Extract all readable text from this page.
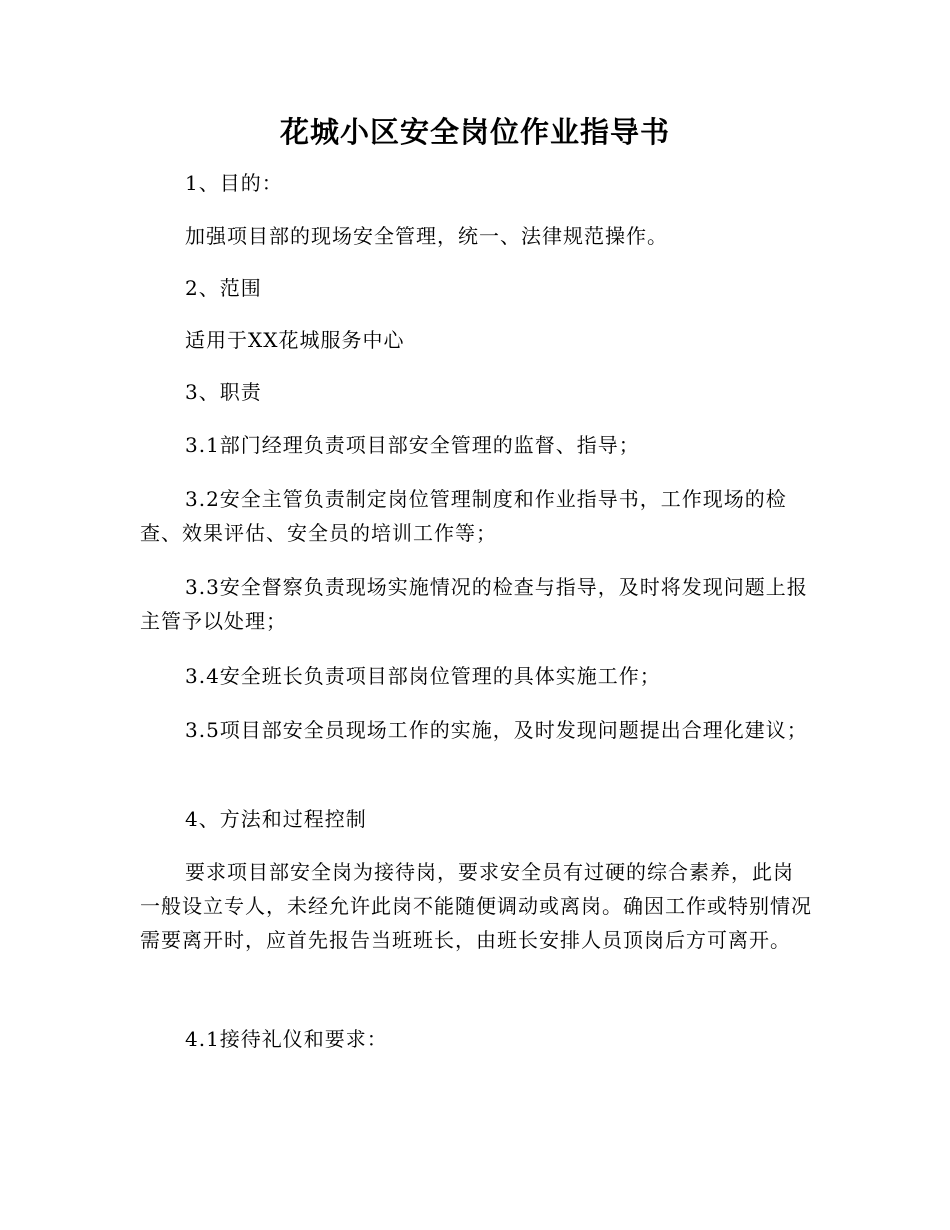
花城小区安全岗位作业指导书

1、目的：

加强项目部的现场安全管理，统一、法律规范操作。

2、范围

适用于XX花城服务中心

3、职责

3.1部门经理负责项目部安全管理的监督、指导；

3.2安全主管负责制定岗位管理制度和作业指导书，工作现场的检查、效果评估、安全员的培训工作等；

3.3安全督察负责现场实施情况的检查与指导，及时将发现问题上报主管予以处理；

3.4安全班长负责项目部岗位管理的具体实施工作；

3.5项目部安全员现场工作的实施，及时发现问题提出合理化建议；

4、方法和过程控制

要求项目部安全岗为接待岗，要求安全员有过硬的综合素养，此岗一般设立专人，未经允许此岗不能随便调动或离岗。确因工作或特别情况需要离开时，应首先报告当班班长，由班长安排人员顶岗后方可离开。

4.1接待礼仪和要求：
